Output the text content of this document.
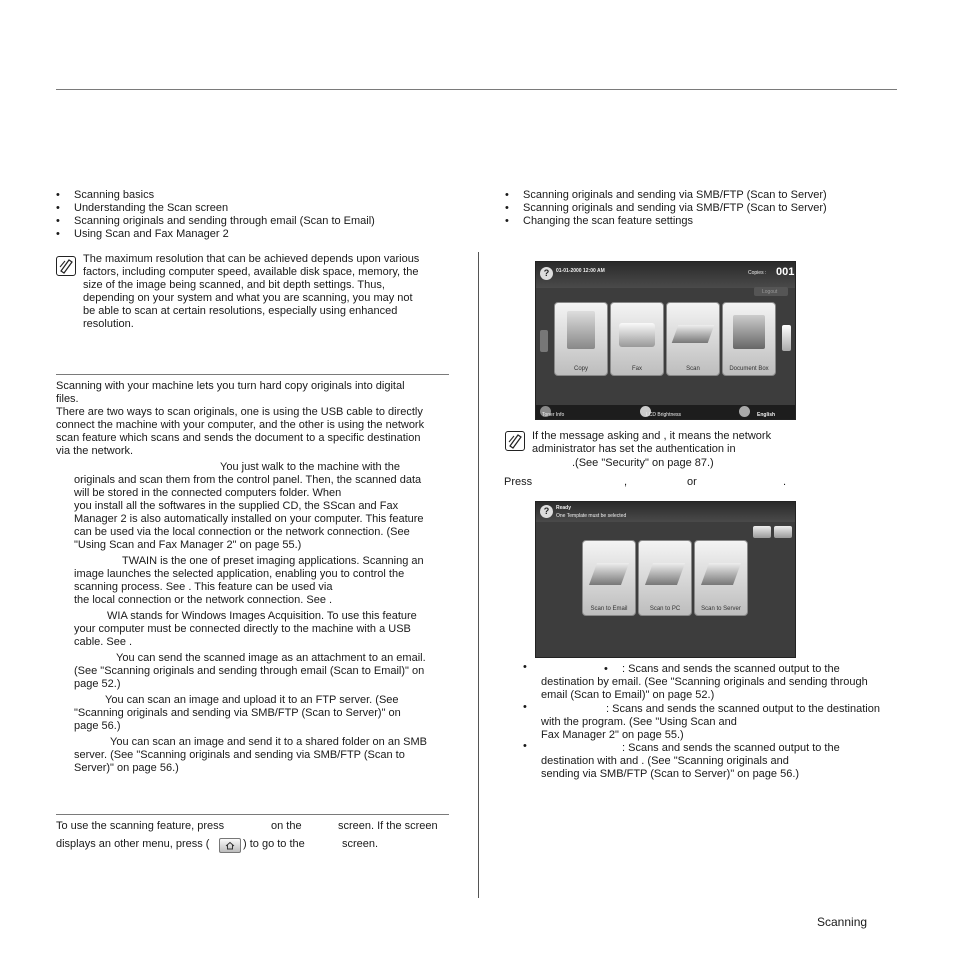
• Scanning basics
• Understanding the Scan screen
• Scanning originals and sending through email (Scan to Email)
• Using Scan and Fax Manager 2
• Scanning originals and sending via SMB/FTP (Scan to Server)
• Scanning originals and sending via SMB/FTP (Scan to Server)
• Changing the scan feature settings
The maximum resolution that can be achieved depends upon various
factors, including computer speed, available disk space, memory, the
size of the image being scanned, and bit depth settings. Thus,
depending on your system and what you are scanning, you may not
be able to scan at certain resolutions, especially using enhanced
resolution.
Scanning with your machine lets you turn hard copy originals into digital
files.
There are two ways to scan originals, one is using the USB cable to directly
connect the machine with your computer, and the other is using the network
scan feature which scans and sends the document to a specific destination
via the network.
You just walk to the machine with the
originals and scan them from the control panel. Then, the scanned data
will be stored in the connected computers folder. When
you install all the softwares in the supplied CD, the SScan and Fax
Manager 2 is also automatically installed on your computer. This feature
can be used via the local connection or the network connection. (See
"Using Scan and Fax Manager 2" on page 55.)
TWAIN is the one of preset imaging applications. Scanning an
image launches the selected application, enabling you to control the
scanning process. See . This feature can be used via
the local connection or the network connection. See .
WIA stands for Windows Images Acquisition. To use this feature
your computer must be connected directly to the machine with a USB
cable. See .
You can send the scanned image as an attachment to an email.
(See "Scanning originals and sending through email (Scan to Email)" on
page 52.)
You can scan an image and upload it to an FTP server. (See
"Scanning originals and sending via SMB/FTP (Scan to Server)" on
page 56.)
You can scan an image and send it to a shared folder on an SMB
server. (See "Scanning originals and sending via SMB/FTP (Scan to
Server)" on page 56.)
To use the scanning feature, press	on the	screen. If the screen
displays an other menu, press (	) to go to the	screen.
?	01-01-2000 12:00 AM	Copies : 001
Logout
Copy	Fax	Scan	Document Box
Toner Info	LCD Brightness	English
If the message asking and , it means the network
administrator has set the authentication in
.(See "Security" on page 87.)
Press	,	or	.
?	Ready
One Template must be selected
Scan to Email	Scan to PC	Scan to Server
• : Scans and sends the scanned output to the
destination by email. (See "Scanning originals and sending through
email (Scan to Email)" on page 52.)
•
: Scans and sends the scanned output to the destination
•
with the program. (See "Using Scan and
Fax Manager 2" on page 55.)
•	: Scans and sends the scanned output to the
destination with and . (See "Scanning originals and
sending via SMB/FTP (Scan to Server)" on page 56.)
Scanning
